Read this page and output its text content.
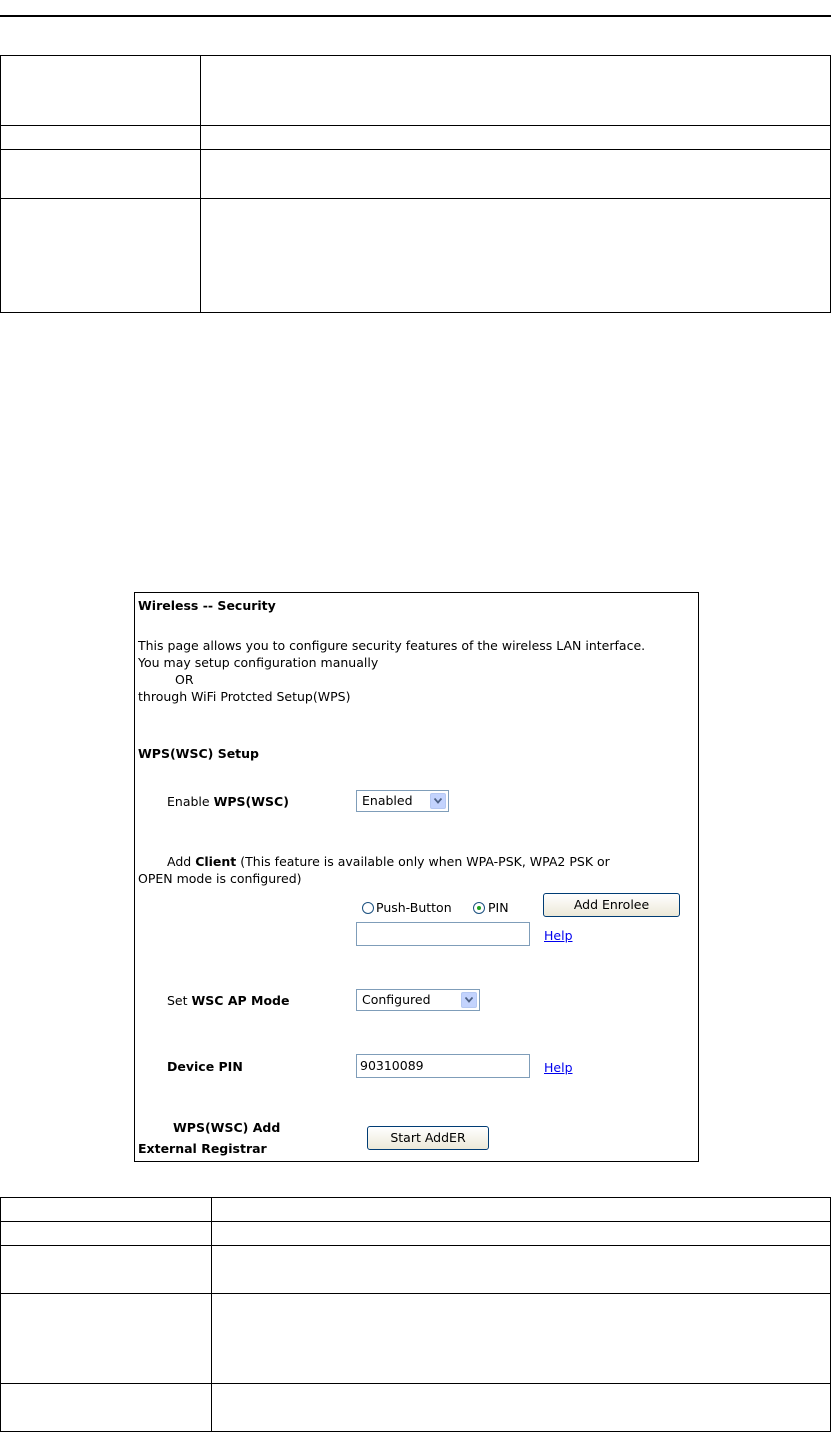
Wireless -- Security
This page allows you to configure security features of the wireless LAN interface.
You may setup configuration manually
OR
through WiFi Protcted Setup(WPS)
WPS(WSC) Setup
Enable WPS(WSC)	Enabled
Add Client (This feature is available only when WPA-PSK, WPA2 PSK or
OPEN mode is configured)
Push-Button	PIN	Add Enrolee
Help
Set WSC AP Mode	Configured
Device PIN	90310089	Help
WPS(WSC) Add
External Registrar
Start AddER
